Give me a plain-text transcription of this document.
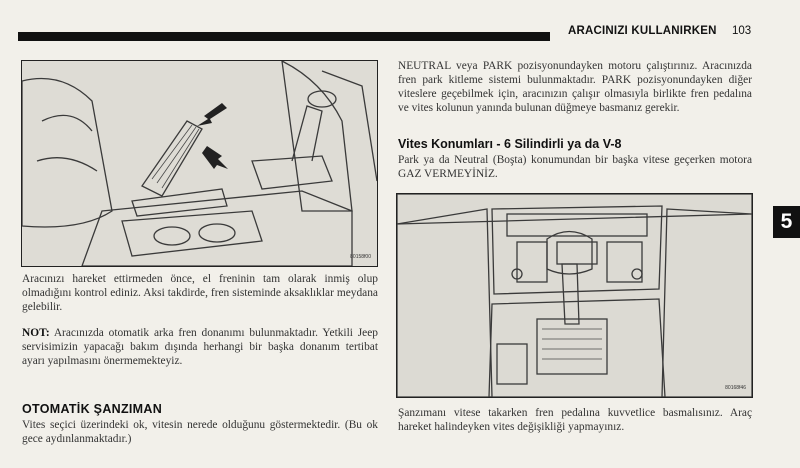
ARACINIZI KULLANIRKEN 103
5
80158f00
80168f46

Aracınızı hareket ettirmeden önce, el freninin tam olarak inmiş olup olmadığını kontrol ediniz. Aksi takdirde, fren sisteminde aksaklıklar meydana gelebilir.

NOT: Aracınızda otomatik arka fren donanımı bulunmaktadır. Yetkili Jeep servisimizin yapacağı bakım dışında herhangi bir başka donanım tertibat ayarı yapılmasını önermemekteyiz.

OTOMATİK ŞANZIMAN

Vites seçici üzerindeki ok, vitesin nerede olduğunu göstermektedir. (Bu ok gece aydınlanmaktadır.)

NEUTRAL veya PARK pozisyonundayken motoru çalıştırınız. Aracınızda fren park kitleme sistemi bulunmaktadır. PARK pozisyonundayken diğer viteslere geçebilmek için, aracınızın çalışır olmasıyla birlikte fren pedalına ve vites kolunun yanında bulunan düğmeye basmanız gerekir.

Vites Konumları - 6 Silindirli ya da V-8

Park ya da Neutral (Boşta) konumundan bir başka vitese geçerken motora GAZ VERMEYİNİZ.

Şanzımanı vitese takarken fren pedalına kuvvetlice basmalısınız. Araç hareket halindeyken vites değişikliği yapmayınız.
